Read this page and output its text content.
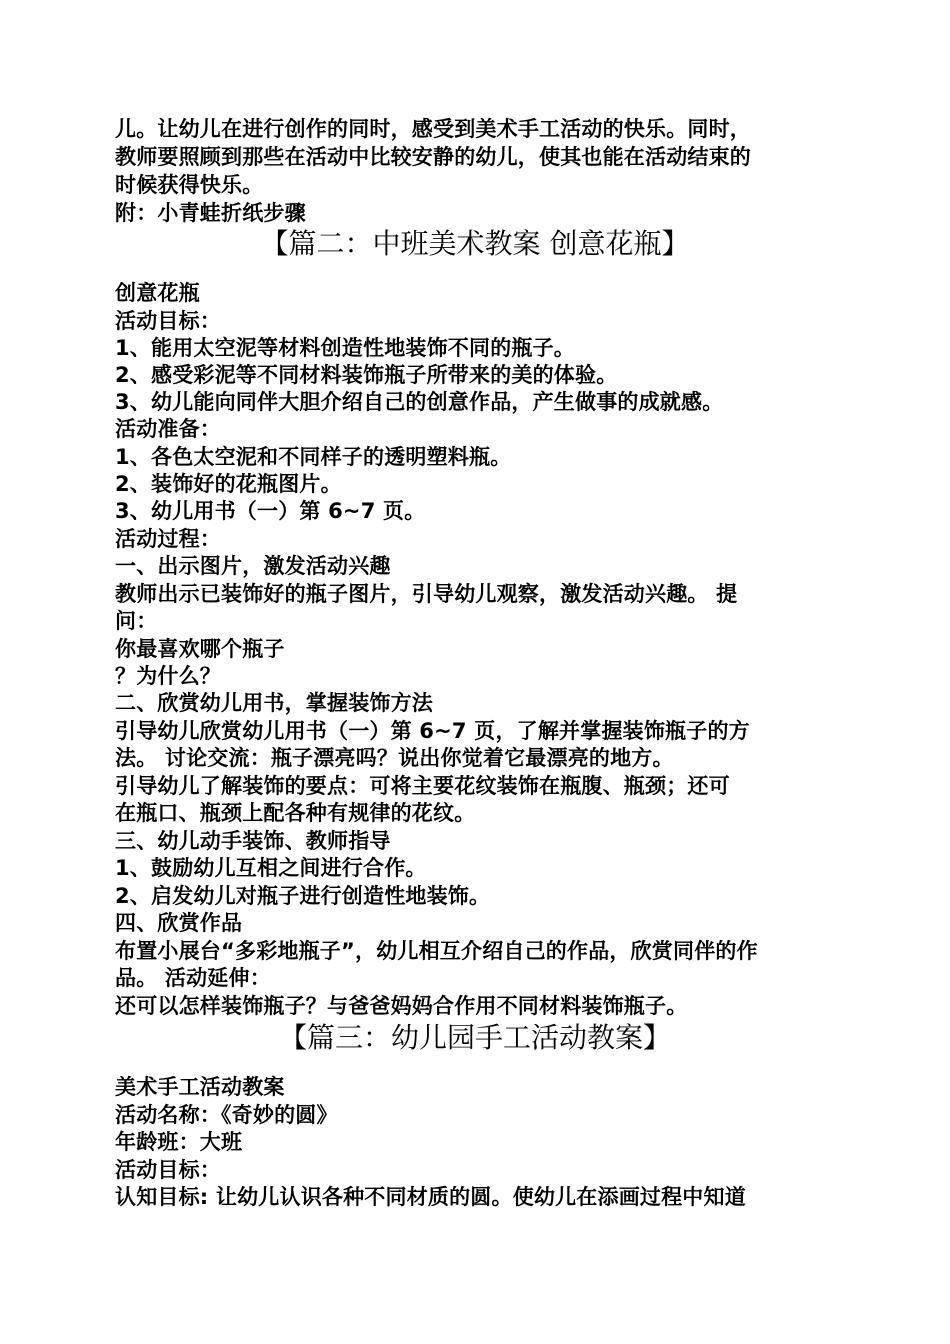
儿。让幼儿在进行创作的同时，感受到美术手工活动的快乐。同时，
教师要照顾到那些在活动中比较安静的幼儿，使其也能在活动结束的
时候获得快乐。
附：小青蛙折纸步骤
【篇二：中班美术教案 创意花瓶】
创意花瓶
活动目标：
1、能用太空泥等材料创造性地装饰不同的瓶子。
2、感受彩泥等不同材料装饰瓶子所带来的美的体验。
3、幼儿能向同伴大胆介绍自己的创意作品，产生做事的成就感。
活动准备：
1、各色太空泥和不同样子的透明塑料瓶。
2、装饰好的花瓶图片。
3、幼儿用书（一）第 6~7 页。
活动过程：
一、出示图片，激发活动兴趣
教师出示已装饰好的瓶子图片，引导幼儿观察，激发活动兴趣。 提
问：
你最喜欢哪个瓶子
？为什么？
二、欣赏幼儿用书，掌握装饰方法
引导幼儿欣赏幼儿用书（一）第 6~7 页，了解并掌握装饰瓶子的方
法。 讨论交流：瓶子漂亮吗？说出你觉着它最漂亮的地方。
引导幼儿了解装饰的要点：可将主要花纹装饰在瓶腹、瓶颈；还可
在瓶口、瓶颈上配各种有规律的花纹。
三、幼儿动手装饰、教师指导
1、鼓励幼儿互相之间进行合作。
2、启发幼儿对瓶子进行创造性地装饰。
四、欣赏作品
布置小展台“多彩地瓶子”，幼儿相互介绍自己的作品，欣赏同伴的作
品。 活动延伸：
还可以怎样装饰瓶子？与爸爸妈妈合作用不同材料装饰瓶子。
【篇三：幼儿园手工活动教案】
美术手工活动教案
活动名称：《奇妙的圆》
年龄班：大班
活动目标：
认知目标: 让幼儿认识各种不同材质的圆。使幼儿在添画过程中知道
